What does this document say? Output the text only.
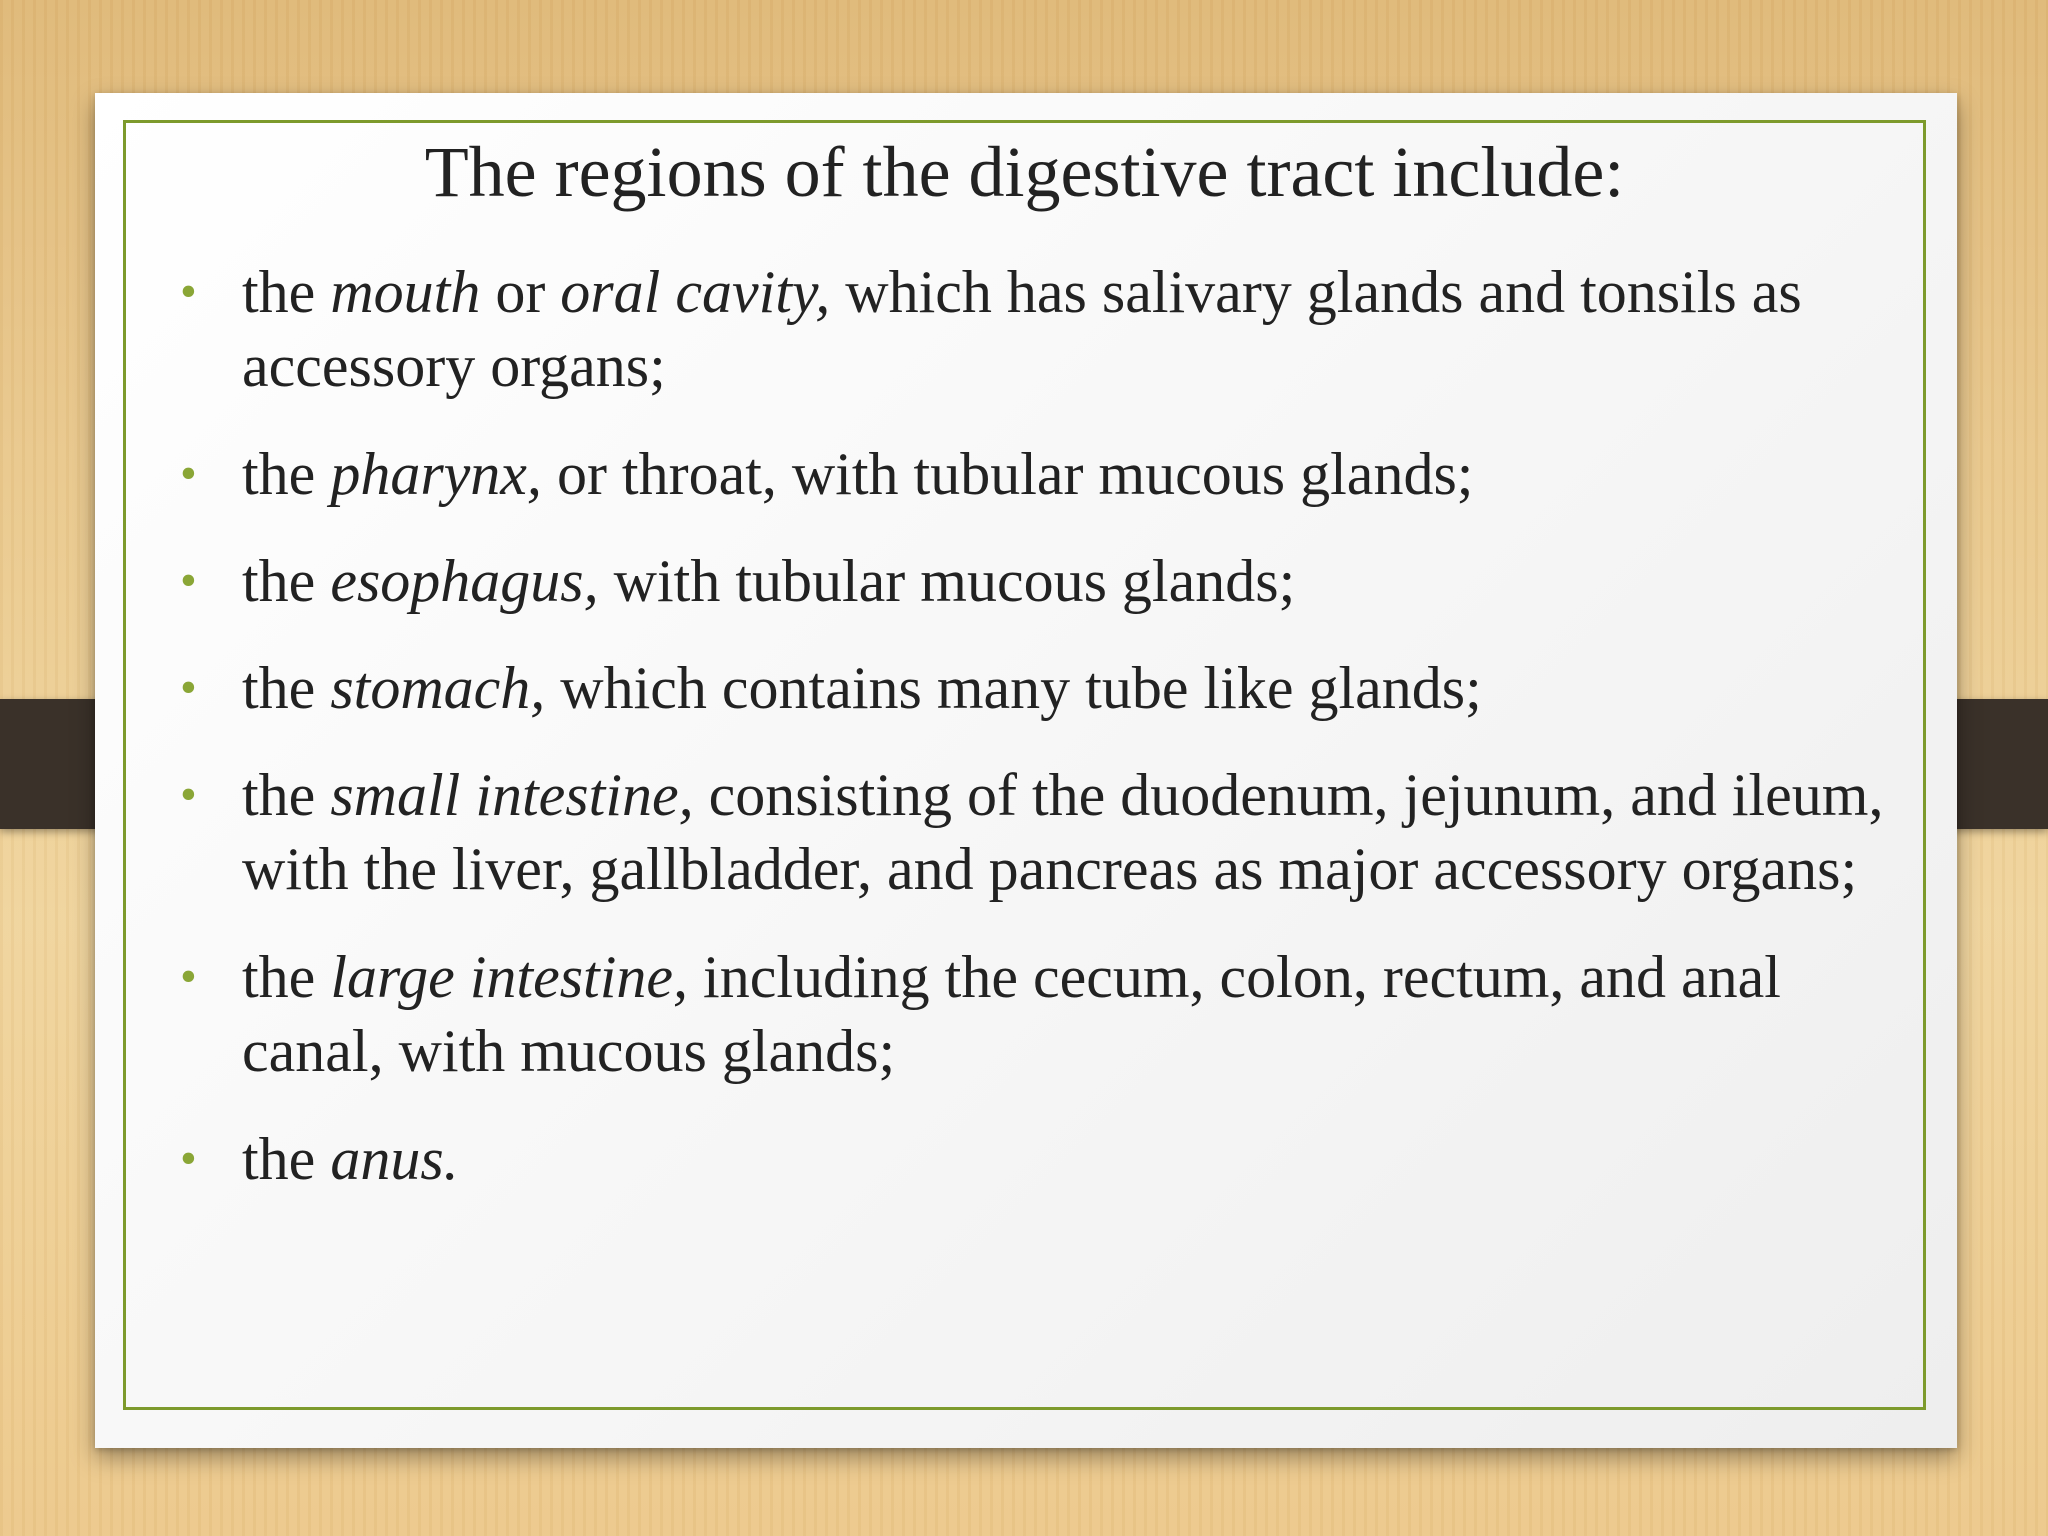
The regions of the digestive tract include:
• the mouth or oral cavity, which has salivary glands and tonsils as accessory organs;
• the pharynx, or throat, with tubular mucous glands;
• the esophagus, with tubular mucous glands;
• the stomach, which contains many tube like glands;
• the small intestine, consisting of the duodenum, jejunum, and ileum, with the liver, gallbladder, and pancreas as major accessory organs;
• the large intestine, including the cecum, colon, rectum, and anal canal, with mucous glands;
• the anus.
